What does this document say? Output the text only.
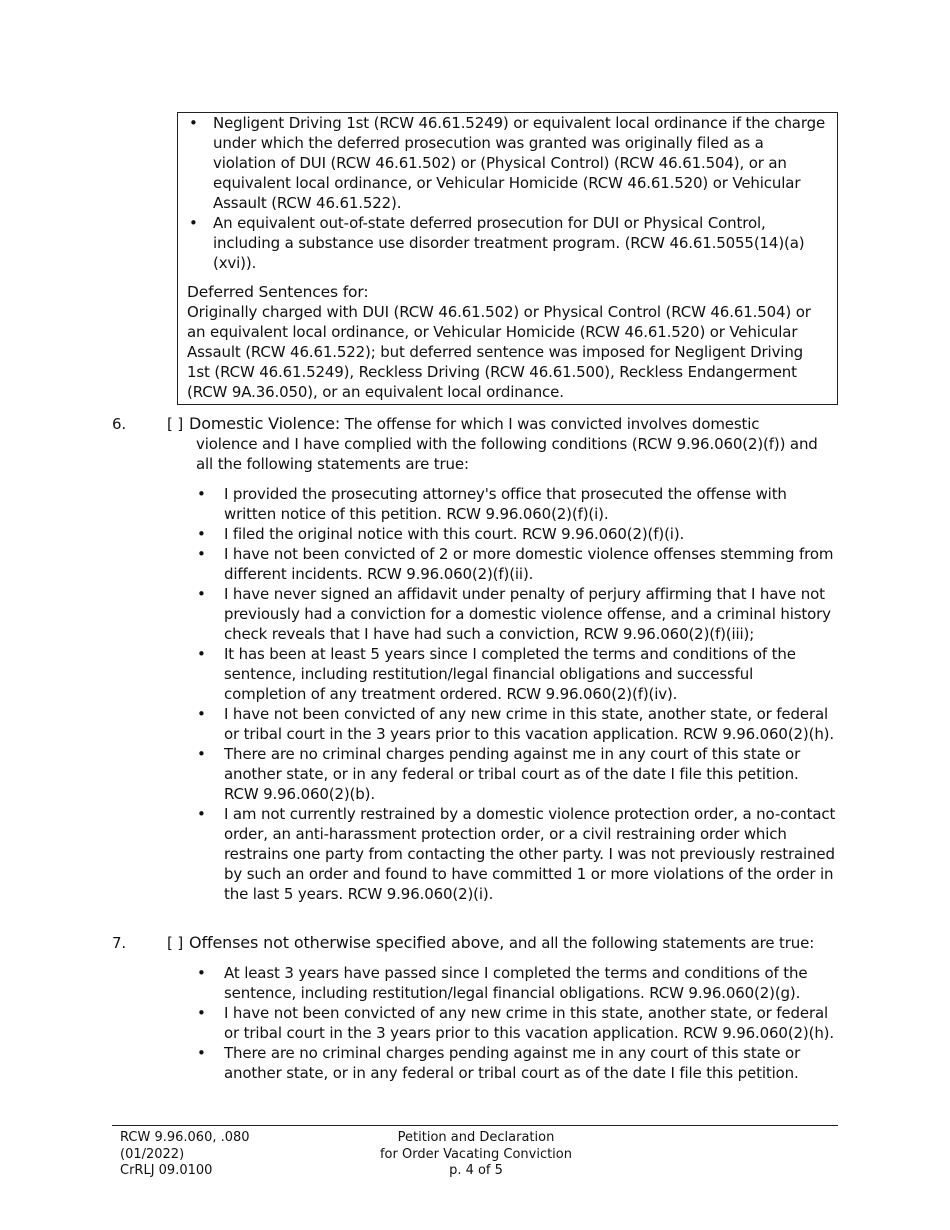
• Negligent Driving 1st (RCW 46.61.5249) or equivalent local ordinance if the charge under which the deferred prosecution was granted was originally filed as a violation of DUI (RCW 46.61.502) or (Physical Control) (RCW 46.61.504), or an equivalent local ordinance, or Vehicular Homicide (RCW 46.61.520) or Vehicular Assault (RCW 46.61.522).
• An equivalent out-of-state deferred prosecution for DUI or Physical Control, including a substance use disorder treatment program. (RCW 46.61.5055(14)(a)(xvi)).
Deferred Sentences for:
Originally charged with DUI (RCW 46.61.502) or Physical Control (RCW 46.61.504) or an equivalent local ordinance, or Vehicular Homicide (RCW 46.61.520) or Vehicular Assault (RCW 46.61.522); but deferred sentence was imposed for Negligent Driving 1st (RCW 46.61.5249), Reckless Driving (RCW 46.61.500), Reckless Endangerment (RCW 9A.36.050), or an equivalent local ordinance.
6.	[ ] Domestic Violence: The offense for which I was convicted involves domestic
violence and I have complied with the following conditions (RCW 9.96.060(2)(f)) and all the following statements are true:
• I provided the prosecuting attorney's office that prosecuted the offense with written notice of this petition. RCW 9.96.060(2)(f)(i).
• I filed the original notice with this court. RCW 9.96.060(2)(f)(i).
• I have not been convicted of 2 or more domestic violence offenses stemming from different incidents. RCW 9.96.060(2)(f)(ii).
• I have never signed an affidavit under penalty of perjury affirming that I have not previously had a conviction for a domestic violence offense, and a criminal history check reveals that I have had such a conviction, RCW 9.96.060(2)(f)(iii);
• It has been at least 5 years since I completed the terms and conditions of the sentence, including restitution/legal financial obligations and successful completion of any treatment ordered. RCW 9.96.060(2)(f)(iv).
• I have not been convicted of any new crime in this state, another state, or federal or tribal court in the 3 years prior to this vacation application. RCW 9.96.060(2)(h).
• There are no criminal charges pending against me in any court of this state or another state, or in any federal or tribal court as of the date I file this petition. RCW 9.96.060(2)(b).
• I am not currently restrained by a domestic violence protection order, a no-contact order, an anti-harassment protection order, or a civil restraining order which restrains one party from contacting the other party. I was not previously restrained by such an order and found to have committed 1 or more violations of the order in the last 5 years. RCW 9.96.060(2)(i).
7.	[ ] Offenses not otherwise specified above, and all the following statements are true:
• At least 3 years have passed since I completed the terms and conditions of the sentence, including restitution/legal financial obligations. RCW 9.96.060(2)(g).
• I have not been convicted of any new crime in this state, another state, or federal or tribal court in the 3 years prior to this vacation application. RCW 9.96.060(2)(h).
• There are no criminal charges pending against me in any court of this state or another state, or in any federal or tribal court as of the date I file this petition.
RCW 9.96.060, .080
(01/2022)
CrRLJ 09.0100
Petition and Declaration
for Order Vacating Conviction
p. 4 of 5
